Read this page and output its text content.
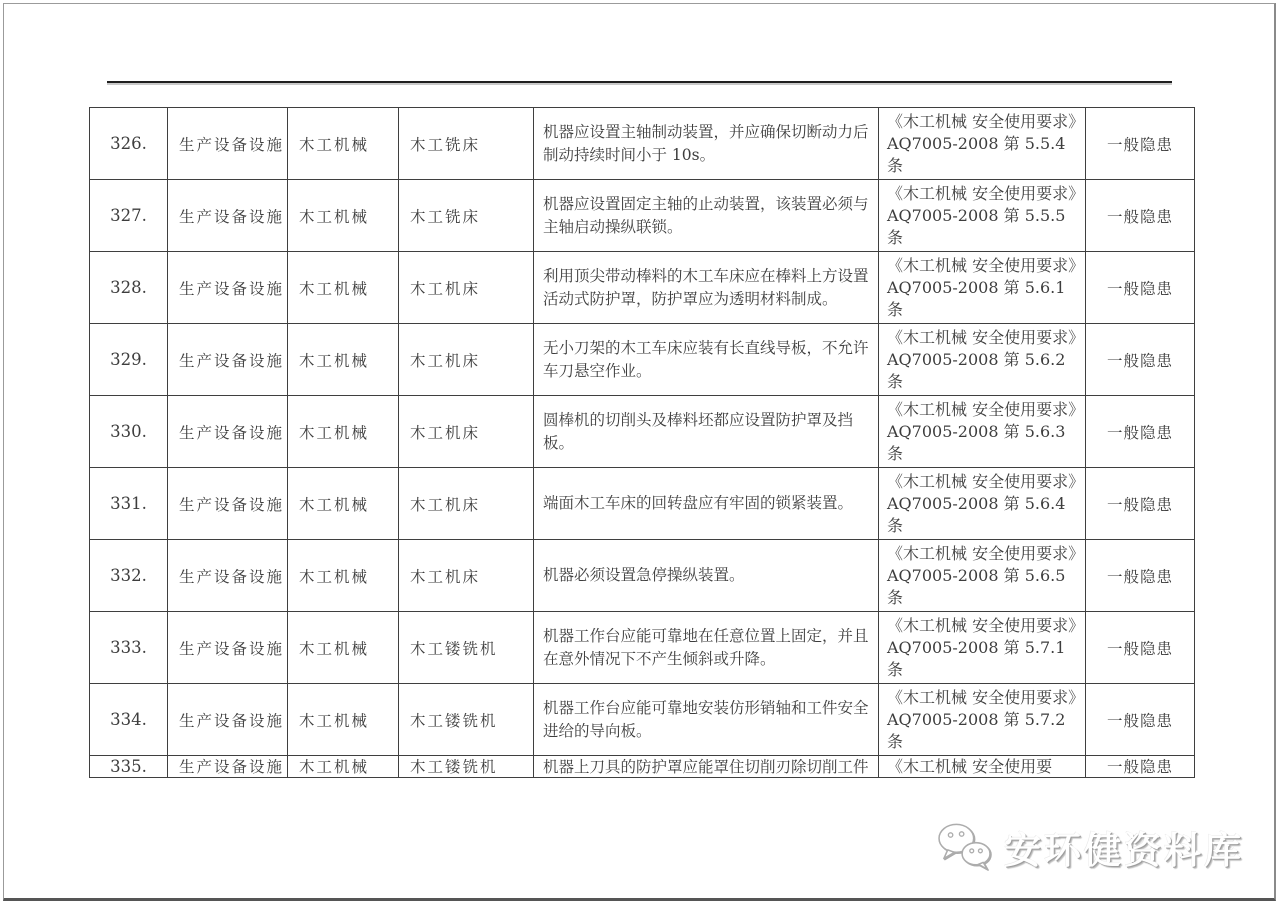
326.	生产设备设施	木工机械	木工铣床	机器应设置主轴制动装置，并应确保切断动力后制动持续时间小于 10s。	《木工机械 安全使用要求》AQ7005-2008 第 5.5.4 条	一般隐患
327.	生产设备设施	木工机械	木工铣床	机器应设置固定主轴的止动装置，该装置必须与主轴启动操纵联锁。	《木工机械 安全使用要求》AQ7005-2008 第 5.5.5 条	一般隐患
328.	生产设备设施	木工机械	木工机床	利用顶尖带动棒料的木工车床应在棒料上方设置活动式防护罩，防护罩应为透明材料制成。	《木工机械 安全使用要求》AQ7005-2008 第 5.6.1 条	一般隐患
329.	生产设备设施	木工机械	木工机床	无小刀架的木工车床应装有长直线导板，不允许车刀悬空作业。	《木工机械 安全使用要求》AQ7005-2008 第 5.6.2 条	一般隐患
330.	生产设备设施	木工机械	木工机床	圆棒机的切削头及棒料坯都应设置防护罩及挡板。	《木工机械 安全使用要求》AQ7005-2008 第 5.6.3 条	一般隐患
331.	生产设备设施	木工机械	木工机床	端面木工车床的回转盘应有牢固的锁紧装置。	《木工机械 安全使用要求》AQ7005-2008 第 5.6.4 条	一般隐患
332.	生产设备设施	木工机械	木工机床	机器必须设置急停操纵装置。	《木工机械 安全使用要求》AQ7005-2008 第 5.6.5 条	一般隐患
333.	生产设备设施	木工机械	木工镂铣机	机器工作台应能可靠地在任意位置上固定，并且在意外情况下不产生倾斜或升降。	《木工机械 安全使用要求》AQ7005-2008 第 5.7.1 条	一般隐患
334.	生产设备设施	木工机械	木工镂铣机	机器工作台应能可靠地安装仿形销轴和工件安全进给的导向板。	《木工机械 安全使用要求》AQ7005-2008 第 5.7.2 条	一般隐患
335.	生产设备设施	木工机械	木工镂铣机	机器上刀具的防护罩应能罩住切削刃除切削工件	《木工机械 安全使用要	一般隐患
安环健资料库
